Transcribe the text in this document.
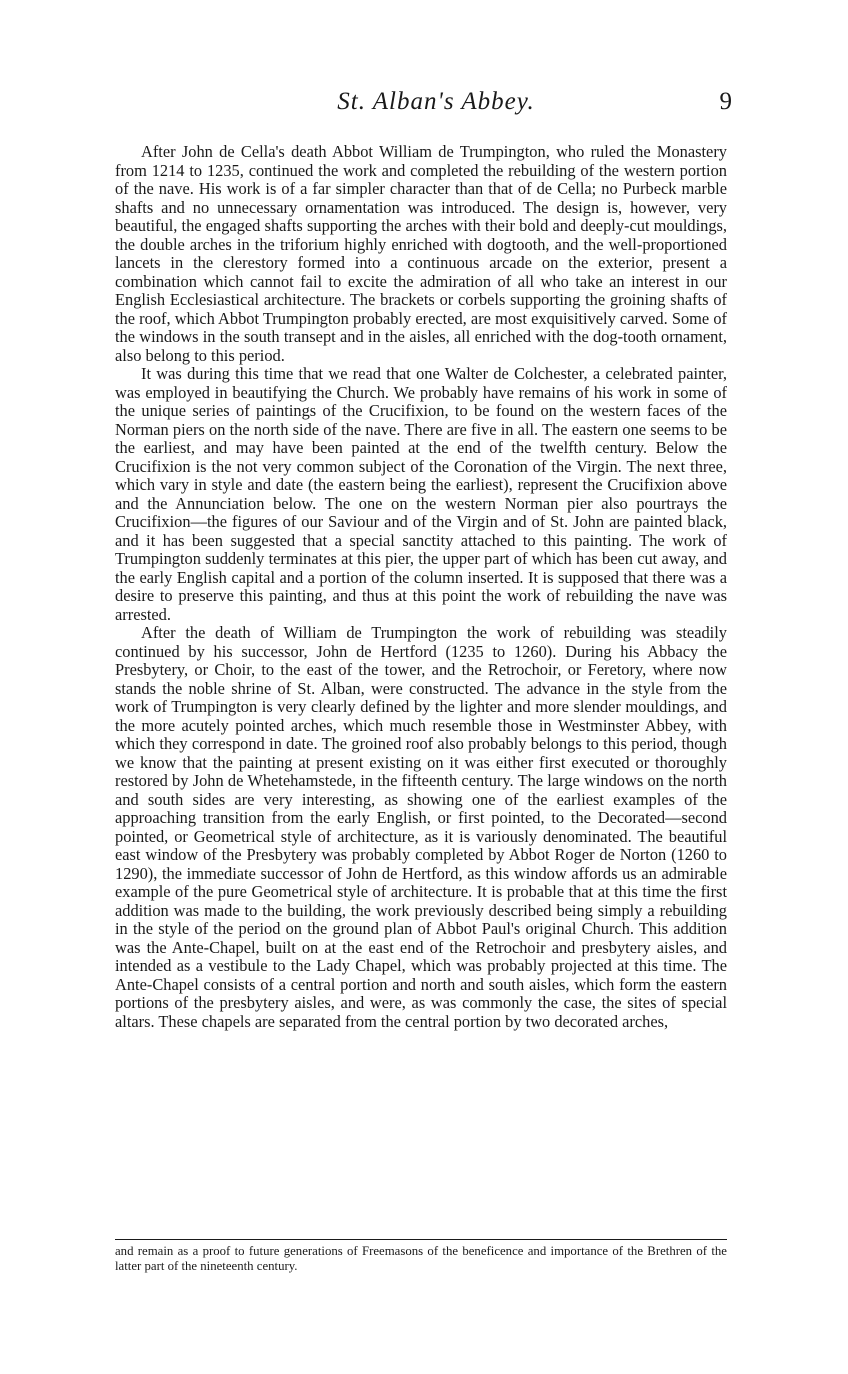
St. Alban's Abbey.	9

After John de Cella's death Abbot William de Trumpington, who ruled the Monastery from 1214 to 1235, continued the work and completed the rebuilding of the western portion of the nave. His work is of a far simpler character than that of de Cella; no Purbeck marble shafts and no unnecessary ornamentation was introduced. The design is, however, very beautiful, the engaged shafts supporting the arches with their bold and deeply-cut mouldings, the double arches in the triforium highly enriched with dogtooth, and the well-proportioned lancets in the clerestory formed into a continuous arcade on the exterior, present a combination which cannot fail to excite the admiration of all who take an interest in our English Ecclesiastical architecture. The brackets or corbels supporting the groining shafts of the roof, which Abbot Trumpington probably erected, are most exquisitively carved. Some of the windows in the south transept and in the aisles, all enriched with the dog-tooth ornament, also belong to this period.

It was during this time that we read that one Walter de Colchester, a celebrated painter, was employed in beautifying the Church. We probably have remains of his work in some of the unique series of paintings of the Crucifixion, to be found on the western faces of the Norman piers on the north side of the nave. There are five in all. The eastern one seems to be the earliest, and may have been painted at the end of the twelfth century. Below the Crucifixion is the not very common subject of the Coronation of the Virgin. The next three, which vary in style and date (the eastern being the earliest), represent the Crucifixion above and the Annunciation below. The one on the western Norman pier also pourtrays the Crucifixion—the figures of our Saviour and of the Virgin and of St. John are painted black, and it has been suggested that a special sanctity attached to this painting. The work of Trumpington suddenly terminates at this pier, the upper part of which has been cut away, and the early English capital and a portion of the column inserted. It is supposed that there was a desire to preserve this painting, and thus at this point the work of rebuilding the nave was arrested.

After the death of William de Trumpington the work of rebuilding was steadily continued by his successor, John de Hertford (1235 to 1260). During his Abbacy the Presbytery, or Choir, to the east of the tower, and the Retrochoir, or Feretory, where now stands the noble shrine of St. Alban, were constructed. The advance in the style from the work of Trumpington is very clearly defined by the lighter and more slender mouldings, and the more acutely pointed arches, which much resemble those in Westminster Abbey, with which they correspond in date. The groined roof also probably belongs to this period, though we know that the painting at present existing on it was either first executed or thoroughly restored by John de Whetehamstede, in the fifteenth century. The large windows on the north and south sides are very interesting, as showing one of the earliest examples of the approaching transition from the early English, or first pointed, to the Decorated—second pointed, or Geometrical style of architecture, as it is variously denominated. The beautiful east window of the Presbytery was probably completed by Abbot Roger de Norton (1260 to 1290), the immediate successor of John de Hertford, as this window affords us an admirable example of the pure Geometrical style of architecture. It is probable that at this time the first addition was made to the building, the work previously described being simply a rebuilding in the style of the period on the ground plan of Abbot Paul's original Church. This addition was the Ante-Chapel, built on at the east end of the Retrochoir and presbytery aisles, and intended as a vestibule to the Lady Chapel, which was probably projected at this time. The Ante-Chapel consists of a central portion and north and south aisles, which form the eastern portions of the presbytery aisles, and were, as was commonly the case, the sites of special altars. These chapels are separated from the central portion by two decorated arches,

and remain as a proof to future generations of Freemasons of the beneficence and importance of the Brethren of the latter part of the nineteenth century.
